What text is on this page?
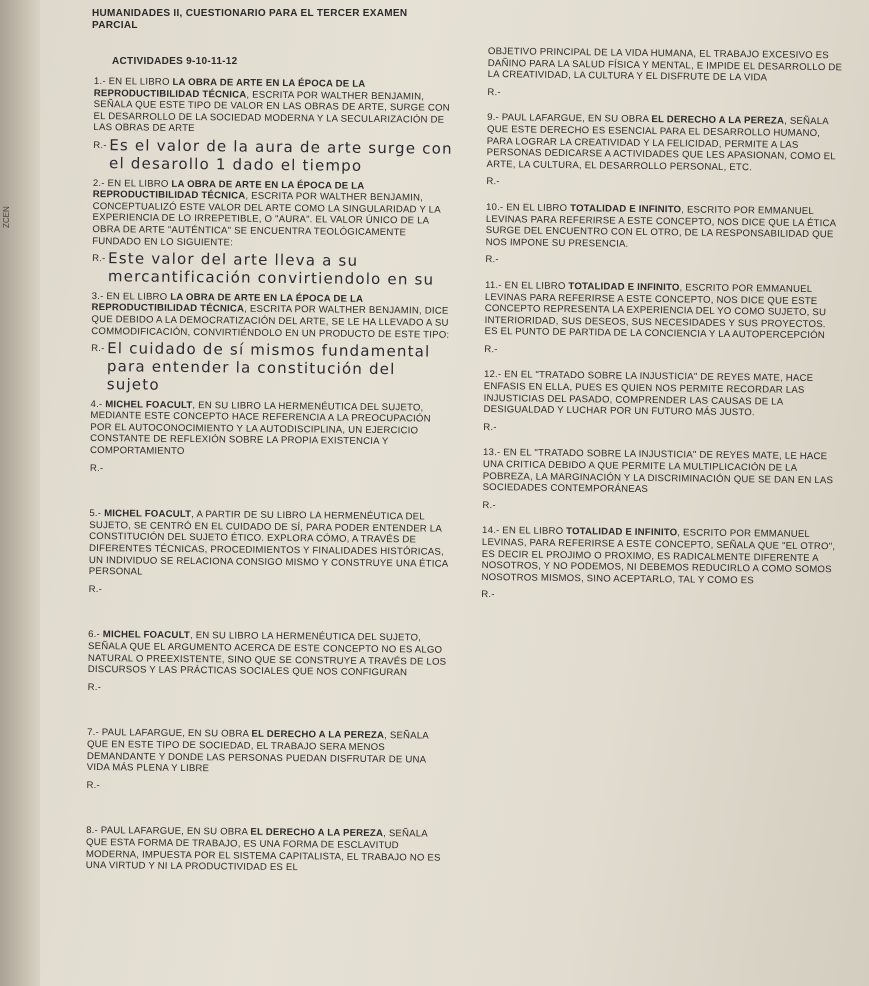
ZCEN
HUMANIDADES II, CUESTIONARIO PARA EL TERCER EXAMEN
PARCIAL
ACTIVIDADES 9-10-11-12

1.- EN EL LIBRO LA OBRA DE ARTE EN LA ÉPOCA DE LA REPRODUCTIBILIDAD TÉCNICA, ESCRITA POR WALTHER BENJAMIN, SEÑALA QUE ESTE TIPO DE VALOR EN LAS OBRAS DE ARTE, SURGE CON EL DESARROLLO DE LA SOCIEDAD MODERNA Y LA SECULARIZACIÓN DE LAS OBRAS DE ARTE

R.- Es el valor de la aura de arte surge con el desarollo 1 dado el tiempo

2.- EN EL LIBRO LA OBRA DE ARTE EN LA ÉPOCA DE LA REPRODUCTIBILIDAD TÉCNICA, ESCRITA POR WALTHER BENJAMIN, CONCEPTUALIZÓ ESTE VALOR DEL ARTE COMO LA SINGULARIDAD Y LA EXPERIENCIA DE LO IRREPETIBLE, O "AURA". EL VALOR ÚNICO DE LA OBRA DE ARTE "AUTÉNTICA" SE ENCUENTRA TEOLÓGICAMENTE FUNDADO EN LO SIGUIENTE:

R.- Este valor del arte lleva a su mercantificación convirtiendolo en su

3.- EN EL LIBRO LA OBRA DE ARTE EN LA ÉPOCA DE LA REPRODUCTIBILIDAD TÉCNICA, ESCRITA POR WALTHER BENJAMIN, DICE QUE DEBIDO A LA DEMOCRATIZACIÓN DEL ARTE, SE LE HA LLEVADO A SU COMMODIFICACIÓN, CONVIRTIÉNDOLO EN UN PRODUCTO DE ESTE TIPO:

R.- El cuidado de sí mismos fundamental para entender la constitución del sujeto

4.- MICHEL FOACULT, EN SU LIBRO LA HERMENÉUTICA DEL SUJETO, MEDIANTE ESTE CONCEPTO HACE REFERENCIA A LA PREOCUPACIÓN POR EL AUTOCONOCIMIENTO Y LA AUTODISCIPLINA, UN EJERCICIO CONSTANTE DE REFLEXIÓN SOBRE LA PROPIA EXISTENCIA Y COMPORTAMIENTO

R.-

5.- MICHEL FOACULT, A PARTIR DE SU LIBRO LA HERMENÉUTICA DEL SUJETO, SE CENTRÓ EN EL CUIDADO DE SÍ, PARA PODER ENTENDER LA CONSTITUCIÓN DEL SUJETO ÉTICO. EXPLORA CÓMO, A TRAVÉS DE DIFERENTES TÉCNICAS, PROCEDIMIENTOS Y FINALIDADES HISTÓRICAS, UN INDIVIDUO SE RELACIONA CONSIGO MISMO Y CONSTRUYE UNA ÉTICA PERSONAL

R.-

6.- MICHEL FOACULT, EN SU LIBRO LA HERMENÉUTICA DEL SUJETO, SEÑALA QUE EL ARGUMENTO ACERCA DE ESTE CONCEPTO NO ES ALGO NATURAL O PREEXISTENTE, SINO QUE SE CONSTRUYE A TRAVÉS DE LOS DISCURSOS Y LAS PRÁCTICAS SOCIALES QUE NOS CONFIGURAN

R.-

7.- PAUL LAFARGUE, EN SU OBRA EL DERECHO A LA PEREZA, SEÑALA QUE EN ESTE TIPO DE SOCIEDAD, EL TRABAJO SERA MENOS DEMANDANTE Y DONDE LAS PERSONAS PUEDAN DISFRUTAR DE UNA VIDA MÁS PLENA Y LIBRE

R.-

8.- PAUL LAFARGUE, EN SU OBRA EL DERECHO A LA PEREZA, SEÑALA QUE ESTA FORMA DE TRABAJO, ES UNA FORMA DE ESCLAVITUD MODERNA, IMPUESTA POR EL SISTEMA CAPITALISTA, EL TRABAJO NO ES UNA VIRTUD Y NI LA PRODUCTIVIDAD ES EL

OBJETIVO PRINCIPAL DE LA VIDA HUMANA, EL TRABAJO EXCESIVO ES DAÑINO PARA LA SALUD FÍSICA Y MENTAL, E IMPIDE EL DESARROLLO DE LA CREATIVIDAD, LA CULTURA Y EL DISFRUTE DE LA VIDA

R.-

9.- PAUL LAFARGUE, EN SU OBRA EL DERECHO A LA PEREZA, SEÑALA QUE ESTE DERECHO ES ESENCIAL PARA EL DESARROLLO HUMANO, PARA LOGRAR LA CREATIVIDAD Y LA FELICIDAD, PERMITE A LAS PERSONAS DEDICARSE A ACTIVIDADES QUE LES APASIONAN, COMO EL ARTE, LA CULTURA, EL DESARROLLO PERSONAL, ETC.

R.-

10.- EN EL LIBRO TOTALIDAD E INFINITO, ESCRITO POR EMMANUEL LEVINAS PARA REFERIRSE A ESTE CONCEPTO, NOS DICE QUE LA ÉTICA SURGE DEL ENCUENTRO CON EL OTRO, DE LA RESPONSABILIDAD QUE NOS IMPONE SU PRESENCIA.

R.-

11.- EN EL LIBRO TOTALIDAD E INFINITO, ESCRITO POR EMMANUEL LEVINAS PARA REFERIRSE A ESTE CONCEPTO, NOS DICE QUE ESTE CONCEPTO REPRESENTA LA EXPERIENCIA DEL YO COMO SUJETO, SU INTERIORIDAD, SUS DESEOS, SUS NECESIDADES Y SUS PROYECTOS. ES EL PUNTO DE PARTIDA DE LA CONCIENCIA Y LA AUTOPERCEPCIÓN

R.-

12.- EN EL "TRATADO SOBRE LA INJUSTICIA" DE REYES MATE, HACE ENFASIS EN ELLA, PUES ES QUIEN NOS PERMITE RECORDAR LAS INJUSTICIAS DEL PASADO, COMPRENDER LAS CAUSAS DE LA DESIGUALDAD Y LUCHAR POR UN FUTURO MÁS JUSTO.

R.-

13.- EN EL "TRATADO SOBRE LA INJUSTICIA" DE REYES MATE, LE HACE UNA CRITICA DEBIDO A QUE PERMITE LA MULTIPLICACIÓN DE LA POBREZA, LA MARGINACIÓN Y LA DISCRIMINACIÓN QUE SE DAN EN LAS SOCIEDADES CONTEMPORÁNEAS

R.-

14.- EN EL LIBRO TOTALIDAD E INFINITO, ESCRITO POR EMMANUEL LEVINAS, PARA REFERIRSE A ESTE CONCEPTO, SEÑALA QUE "EL OTRO", ES DECIR EL PROJIMO O PROXIMO, ES RADICALMENTE DIFERENTE A NOSOTROS, Y NO PODEMOS, NI DEBEMOS REDUCIRLO A COMO SOMOS NOSOTROS MISMOS, SINO ACEPTARLO, TAL Y COMO ES

R.-
